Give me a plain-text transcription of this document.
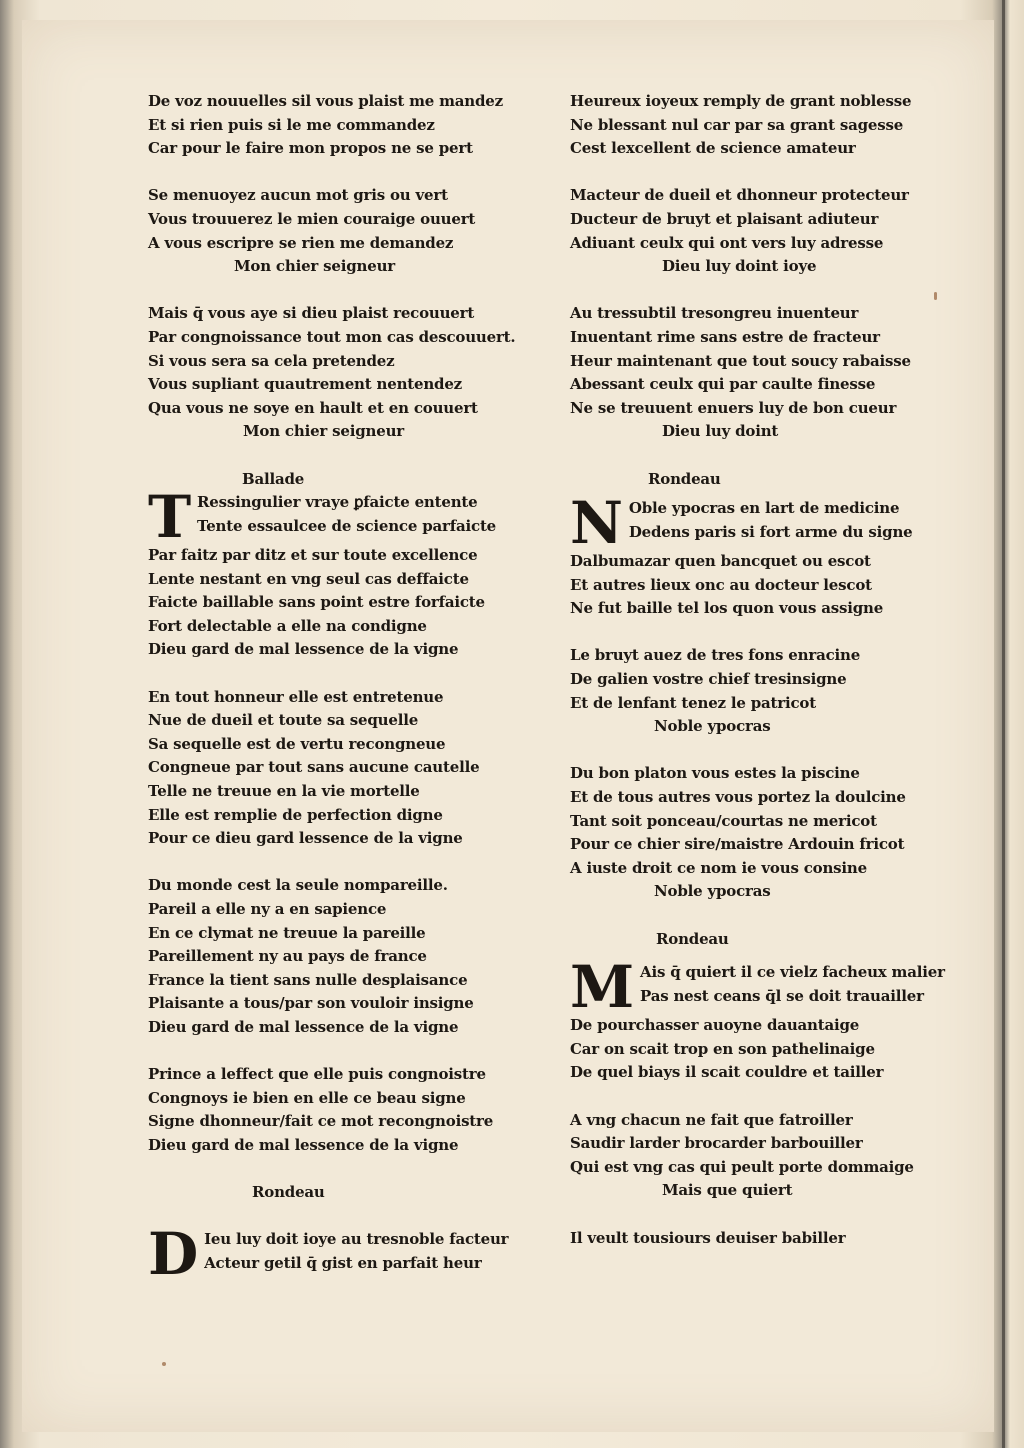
De voz nouuelles sil vous plaist me mandez
Et si rien puis si le me commandez
Car pour le faire mon propos ne se pert
Se menuoyez aucun mot gris ou vert
Vous trouuerez le mien couraige ouuert
A vous escripre se rien me demandez
Mon chier seigneur
Mais q̄ vous aye si dieu plaist recouuert
Par congnoissance tout mon cas descouuert.
Si vous sera sa cela pretendez
Vous supliant quautrement nentendez
Qua vous ne soye en hault et en couuert
Mon chier seigneur
Ballade
T Ressingulier vraye ꝑfaicte entente
Tente essaulcee de science parfaicte
Par faitz par ditz et sur toute excellence
Lente nestant en vng seul cas deffaicte
Faicte baillable sans point estre forfaicte
Fort delectable a elle na condigne
Dieu gard de mal lessence de la vigne
En tout honneur elle est entretenue
Nue de dueil et toute sa sequelle
Sa sequelle est de vertu recongneue
Congneue par tout sans aucune cautelle
Telle ne treuue en la vie mortelle
Elle est remplie de perfection digne
Pour ce dieu gard lessence de la vigne
Du monde cest la seule nompareille.
Pareil a elle ny a en sapience
En ce clymat ne treuue la pareille
Pareillement ny au pays de france
France la tient sans nulle desplaisance
Plaisante a tous/par son vouloir insigne
Dieu gard de mal lessence de la vigne
Prince a leffect que elle puis congnoistre
Congnoys ie bien en elle ce beau signe
Signe dhonneur/fait ce mot recongnoistre
Dieu gard de mal lessence de la vigne
Rondeau
D Ieu luy doit ioye au tresnoble facteur
Acteur getil q̄ gist en parfait heur
Heureux ioyeux remply de grant noblesse
Ne blessant nul car par sa grant sagesse
Cest lexcellent de science amateur
Macteur de dueil et dhonneur protecteur
Ducteur de bruyt et plaisant adiuteur
Adiuant ceulx qui ont vers luy adresse
Dieu luy doint ioye
Au tressubtil tresongreu inuenteur
Inuentant rime sans estre de fracteur
Heur maintenant que tout soucy rabaisse
Abessant ceulx qui par caulte finesse
Ne se treuuent enuers luy de bon cueur
Dieu luy doint
Rondeau
N Oble ypocras en lart de medicine
Dedens paris si fort arme du signe
Dalbumazar quen bancquet ou escot
Et autres lieux onc au docteur lescot
Ne fut baille tel los quon vous assigne
Le bruyt auez de tres fons enracine
De galien vostre chief tresinsigne
Et de lenfant tenez le patricot
Noble ypocras
Du bon platon vous estes la piscine
Et de tous autres vous portez la doulcine
Tant soit ponceau/courtas ne mericot
Pour ce chier sire/maistre Ardouin fricot
A iuste droit ce nom ie vous consine
Noble ypocras
Rondeau
M Ais q̄ quiert il ce vielz facheux malier
Pas nest ceans q̄l se doit trauailler
De pourchasser auoyne dauantaige
Car on scait trop en son pathelinaige
De quel biays il scait couldre et tailler
A vng chacun ne fait que fatroiller
Saudir larder brocarder barbouiller
Qui est vng cas qui peult porte dommaige
Mais que quiert
Il veult tousiours deuiser babiller
